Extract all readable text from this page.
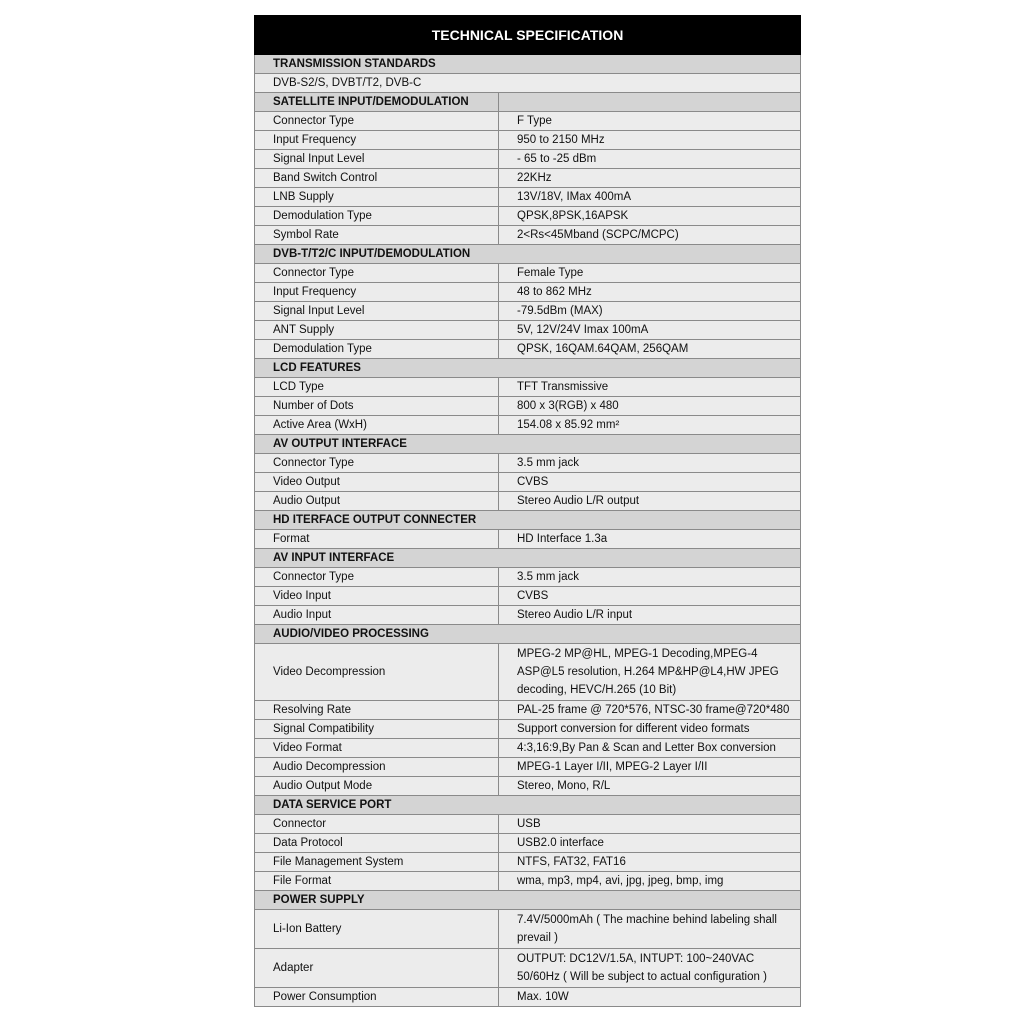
TECHNICAL SPECIFICATION	
TRANSMISSION STANDARDS	
DVB-S2/S, DVBT/T2, DVB-C	
SATELLITE INPUT/DEMODULATION	
Connector Type	F Type
Input Frequency	950 to 2150 MHz
Signal Input Level	- 65 to -25 dBm
Band Switch Control	22KHz
LNB Supply	13V/18V, IMax 400mA
Demodulation Type	QPSK,8PSK,16APSK
Symbol Rate	2<Rs<45Mband (SCPC/MCPC)
DVB-T/T2/C INPUT/DEMODULATION	
Connector Type	Female Type
Input Frequency	48 to 862 MHz
Signal Input Level	-79.5dBm (MAX)
ANT Supply	5V, 12V/24V Imax 100mA
Demodulation Type	QPSK, 16QAM.64QAM, 256QAM
LCD FEATURES	
LCD Type	TFT Transmissive
Number of Dots	800 x 3(RGB) x 480
Active Area (WxH)	154.08 x 85.92 mm²
AV OUTPUT INTERFACE	
Connector Type	3.5 mm jack
Video Output	CVBS
Audio Output	Stereo Audio L/R output
HD ITERFACE OUTPUT CONNECTER	
Format	HD Interface 1.3a
AV INPUT INTERFACE	
Connector Type	3.5 mm jack
Video Input	CVBS
Audio Input	Stereo Audio L/R input
AUDIO/VIDEO PROCESSING	
Video Decompression	MPEG-2 MP@HL, MPEG-1 Decoding,MPEG-4 ASP@L5 resolution, H.264 MP&HP@L4,HW JPEG decoding, HEVC/H.265 (10 Bit)
Resolving Rate	PAL-25 frame @ 720*576, NTSC-30 frame@720*480
Signal Compatibility	Support conversion for different video formats
Video Format	4:3,16:9,By Pan & Scan and Letter Box conversion
Audio Decompression	MPEG-1 Layer I/II, MPEG-2 Layer I/II
Audio Output Mode	Stereo, Mono, R/L
DATA SERVICE PORT	
Connector	USB
Data Protocol	USB2.0 interface
File Management System	NTFS, FAT32, FAT16
File Format	wma, mp3, mp4, avi, jpg, jpeg, bmp, img
POWER SUPPLY	
Li-Ion Battery	7.4V/5000mAh ( The machine behind labeling shall prevail )
Adapter	OUTPUT: DC12V/1.5A, INTUPT: 100~240VAC 50/60Hz ( Will be subject to actual configuration )
Power Consumption	Max. 10W
